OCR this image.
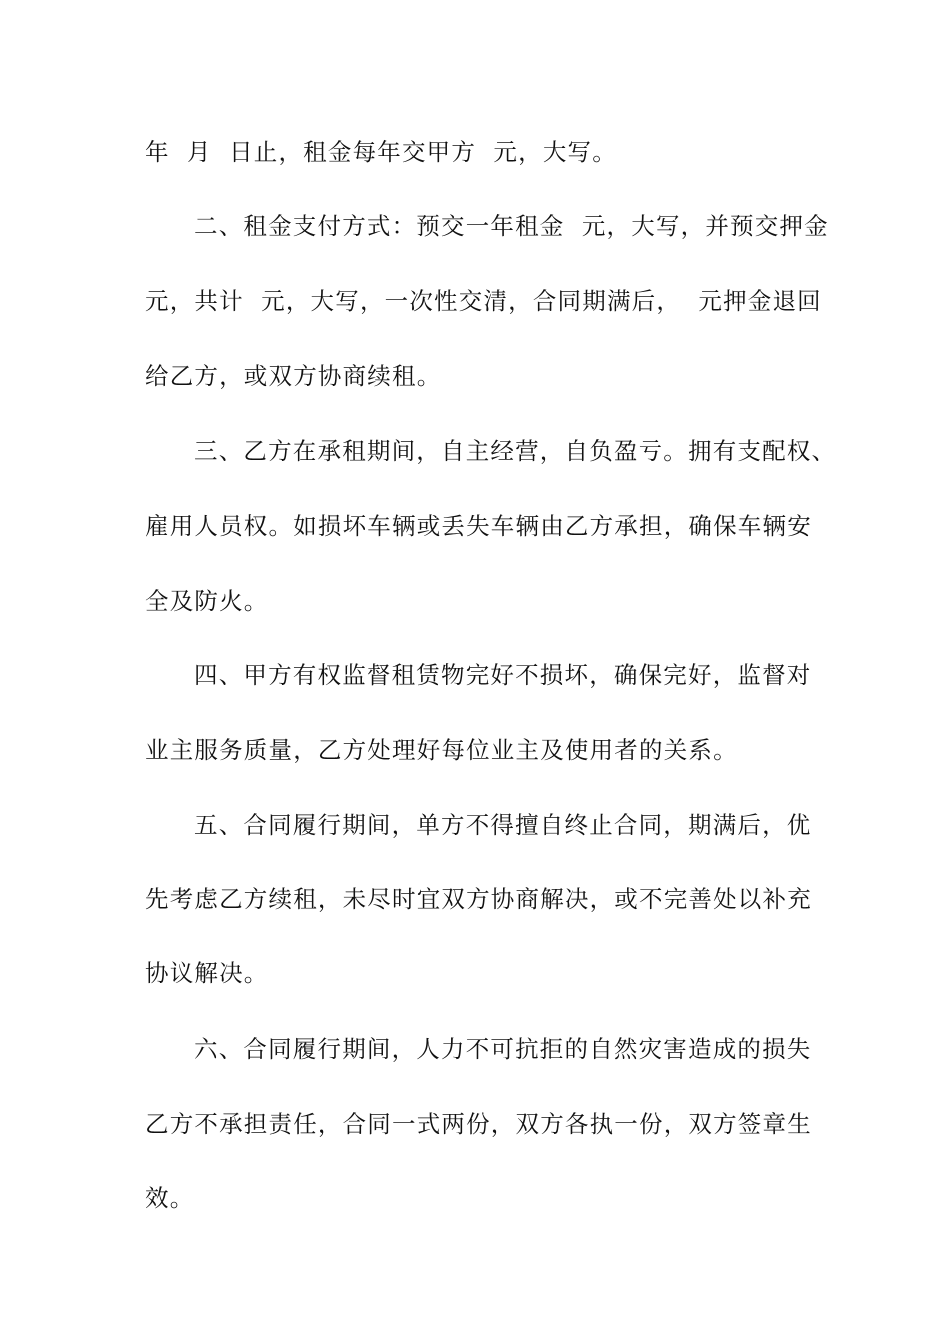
年  月  日止，租金每年交甲方  元，大写。
二、租金支付方式：预交一年租金  元，大写，并预交押金
元，共计  元，大写，一次性交清，合同期满后，  元押金退回
给乙方，或双方协商续租。
三、乙方在承租期间，自主经营，自负盈亏。拥有支配权、
雇用人员权。如损坏车辆或丢失车辆由乙方承担，确保车辆安
全及防火。
四、甲方有权监督租赁物完好不损坏，确保完好，监督对
业主服务质量，乙方处理好每位业主及使用者的关系。
五、合同履行期间，单方不得擅自终止合同，期满后，优
先考虑乙方续租，未尽时宜双方协商解决，或不完善处以补充
协议解决。
六、合同履行期间，人力不可抗拒的自然灾害造成的损失
乙方不承担责任，合同一式两份，双方各执一份，双方签章生
效。
